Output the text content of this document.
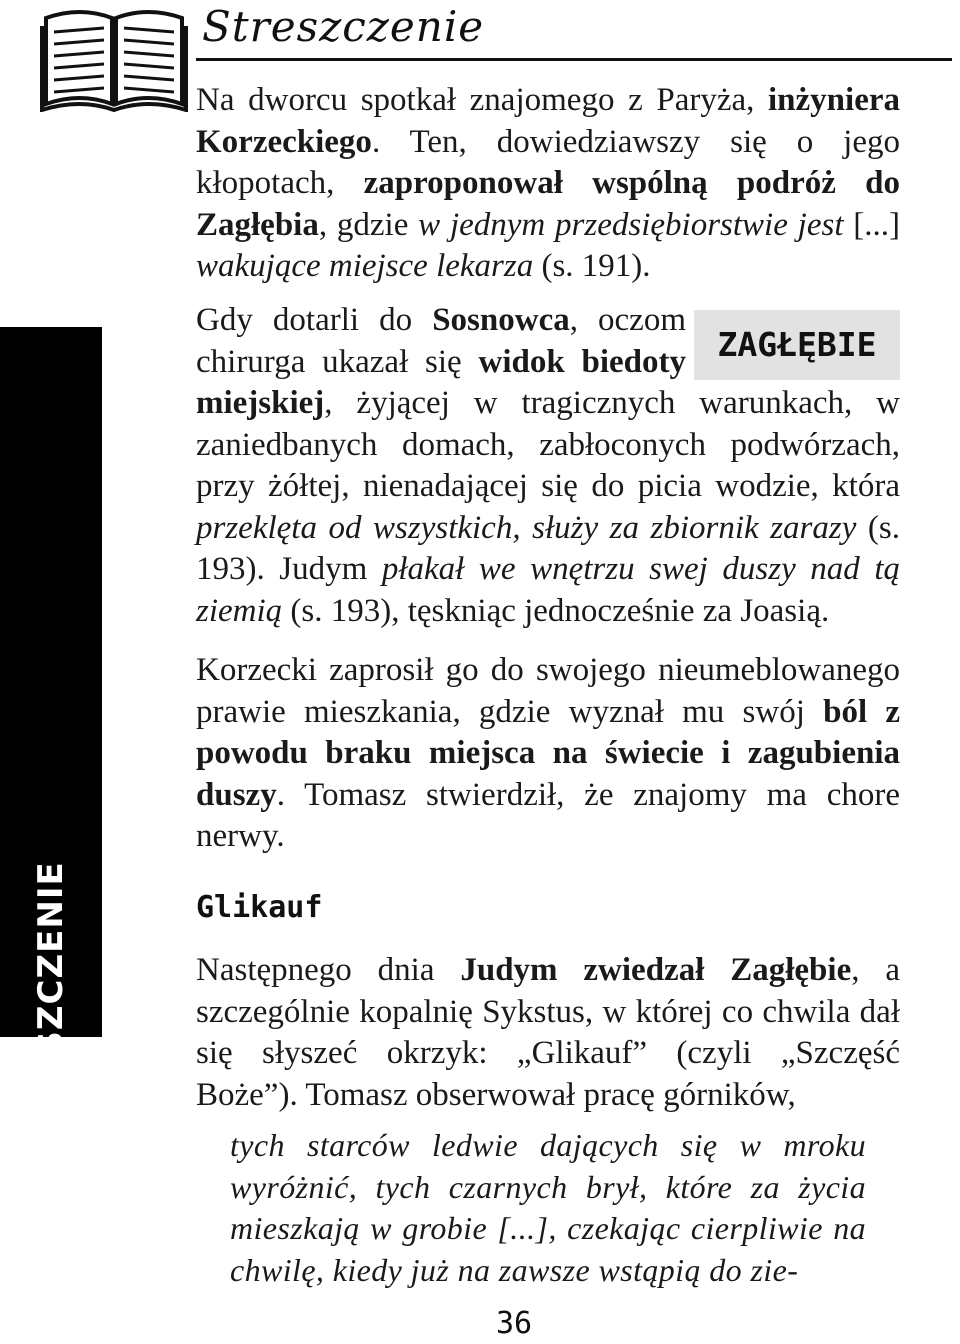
Streszczenie
STRESZCZENIE

Na dworcu spotkał znajomego z Paryża, inżyniera Korzeckiego. Ten, dowiedziawszy się o jego kłopotach, zaproponował wspólną podróż do Zagłębia, gdzie w jednym przedsiębiorstwie jest [...] wakujące miejsce lekarza (s. 191).

ZAGŁĘBIE

Gdy dotarli do Sosnowca, oczom chirurga ukazał się widok biedoty miejskiej, żyjącej w tragicznych warunkach, w zaniedbanych domach, zabłoconych podwórzach, przy żółtej, nienadającej się do picia wodzie, która przeklęta od wszystkich, służy za zbiornik zarazy (s. 193). Judym płakał we wnętrzu swej duszy nad tą ziemią (s. 193), tęskniąc jednocześnie za Joasią.

Korzecki zaprosił go do swojego nieumeblowanego prawie mieszkania, gdzie wyznał mu swój ból z powodu braku miejsca na świecie i zagubienia duszy. Tomasz stwierdził, że znajomy ma chore nerwy.

Glikauf

Następnego dnia Judym zwiedzał Zagłębie, a szczególnie kopalnię Sykstus, w której co chwila dał się słyszeć okrzyk: „Glikauf” (czyli „Szczęść Boże”). Tomasz obserwował pracę górników,

tych starców ledwie dających się w mroku wyróżnić, tych czarnych brył, które za życia mieszkają w grobie [...], czekając cierpliwie na chwilę, kiedy już na zawsze wstąpią do zie-

36
